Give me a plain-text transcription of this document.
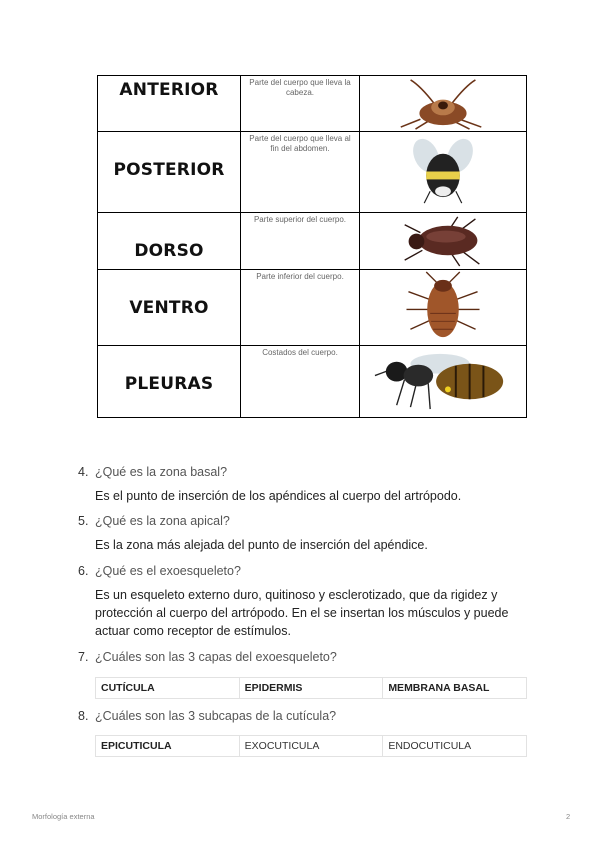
ANTERIOR	Parte del cuerpo que lleva la cabeza.

POSTERIOR	Parte del cuerpo que lleva al fin del abdomen.

DORSO	Parte superior del cuerpo.

VENTRO	Parte inferior del cuerpo.

PLEURAS	Costados del cuerpo.

4. ¿Qué es la zona basal?
Es el punto de inserción de los apéndices al cuerpo del artrópodo.
5. ¿Qué es la zona apical?
Es la zona más alejada del punto de inserción del apéndice.
6. ¿Qué es el exoesqueleto?
Es un esqueleto externo duro, quitinoso y esclerotizado, que da rigidez y protección al cuerpo del artrópodo. En el se insertan los músculos y puede actuar como receptor de estímulos.
7. ¿Cuáles son las 3 capas del exoesqueleto?
CUTÍCULA	EPIDERMIS	MEMBRANA BASAL
8. ¿Cuáles son las 3 subcapas de la cutícula?
EPICUTICULA	EXOCUTICULA	ENDOCUTICULA
Morfología externa	2
